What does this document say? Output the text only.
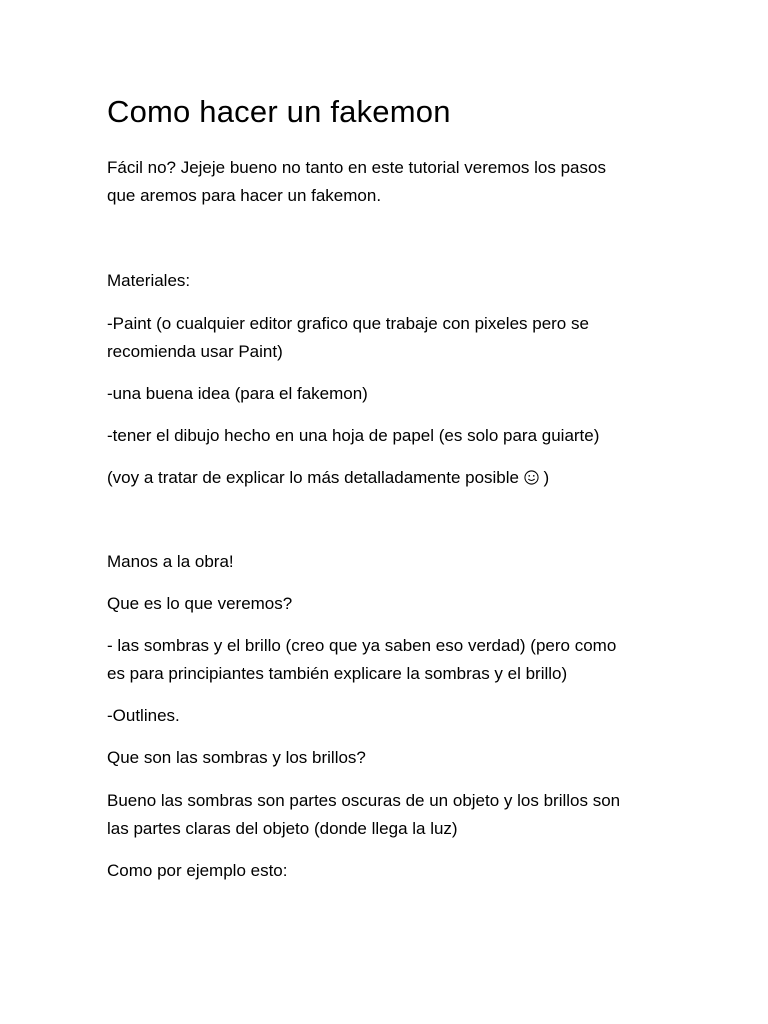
Como hacer un fakemon

Fácil no? Jejeje bueno no tanto en este tutorial veremos los pasos
que aremos para hacer un fakemon.

Materiales:

-Paint (o cualquier editor grafico que trabaje con pixeles pero se
recomienda usar Paint)

-una buena idea (para el fakemon)

-tener el dibujo hecho en una hoja de papel (es solo para guiarte)

(voy a tratar de explicar lo más detalladamente posible  )

Manos a la obra!

Que es lo que veremos?

- las sombras y el brillo (creo que ya saben eso verdad) (pero como
es para principiantes también explicare la sombras y el brillo)

-Outlines.

Que son las sombras y los brillos?

Bueno las sombras son partes oscuras de un objeto y los brillos son
las partes claras del objeto (donde llega la luz)

Como por ejemplo esto:
